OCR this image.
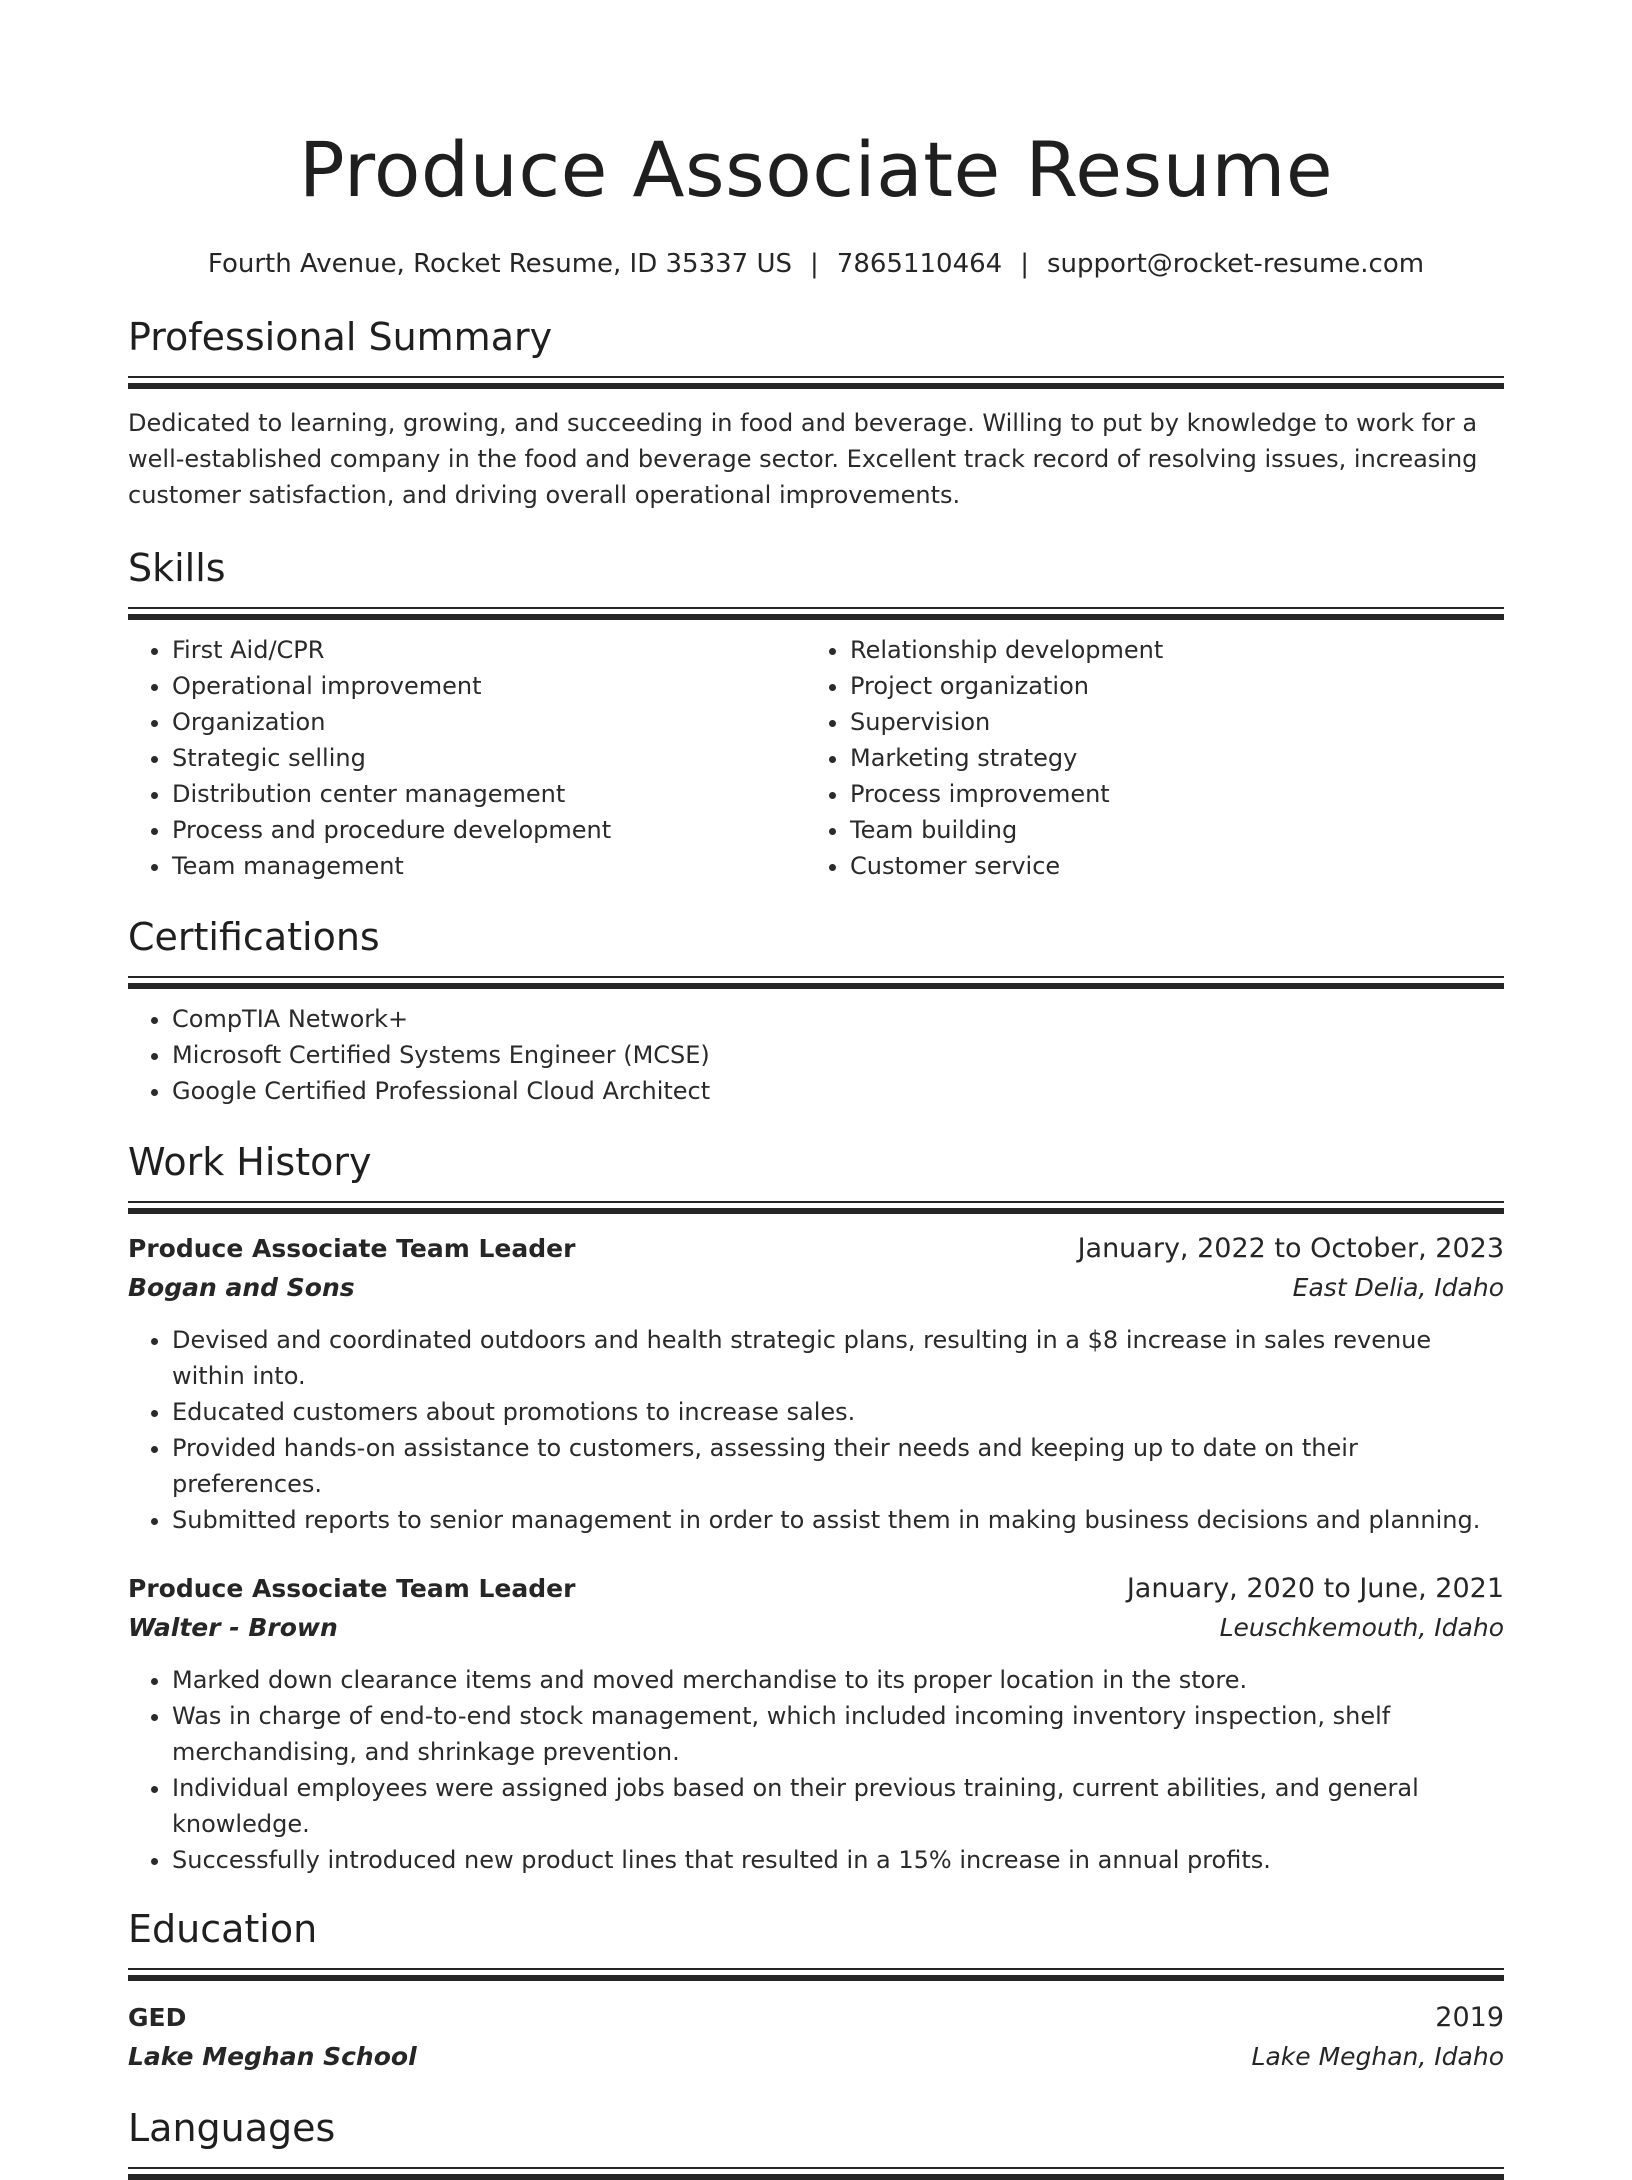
Produce Associate Resume
Fourth Avenue, Rocket Resume, ID 35337 US | 7865110464 | support@rocket-resume.com
Professional Summary
Dedicated to learning, growing, and succeeding in food and beverage. Willing to put by knowledge to work for a well-established company in the food and beverage sector. Excellent track record of resolving issues, increasing customer satisfaction, and driving overall operational improvements.
Skills
• First Aid/CPR
• Operational improvement
• Organization
• Strategic selling
• Distribution center management
• Process and procedure development
• Team management
• Relationship development
• Project organization
• Supervision
• Marketing strategy
• Process improvement
• Team building
• Customer service
Certifications
• CompTIA Network+
• Microsoft Certified Systems Engineer (MCSE)
• Google Certified Professional Cloud Architect
Work History
Produce Associate Team Leader	January, 2022 to October, 2023
Bogan and Sons	East Delia, Idaho
• Devised and coordinated outdoors and health strategic plans, resulting in a $8 increase in sales revenue within into.
• Educated customers about promotions to increase sales.
• Provided hands-on assistance to customers, assessing their needs and keeping up to date on their preferences.
• Submitted reports to senior management in order to assist them in making business decisions and planning.
Produce Associate Team Leader	January, 2020 to June, 2021
Walter - Brown	Leuschkemouth, Idaho
• Marked down clearance items and moved merchandise to its proper location in the store.
• Was in charge of end-to-end stock management, which included incoming inventory inspection, shelf merchandising, and shrinkage prevention.
• Individual employees were assigned jobs based on their previous training, current abilities, and general knowledge.
• Successfully introduced new product lines that resulted in a 15% increase in annual profits.
Education
GED	2019
Lake Meghan School	Lake Meghan, Idaho
Languages
